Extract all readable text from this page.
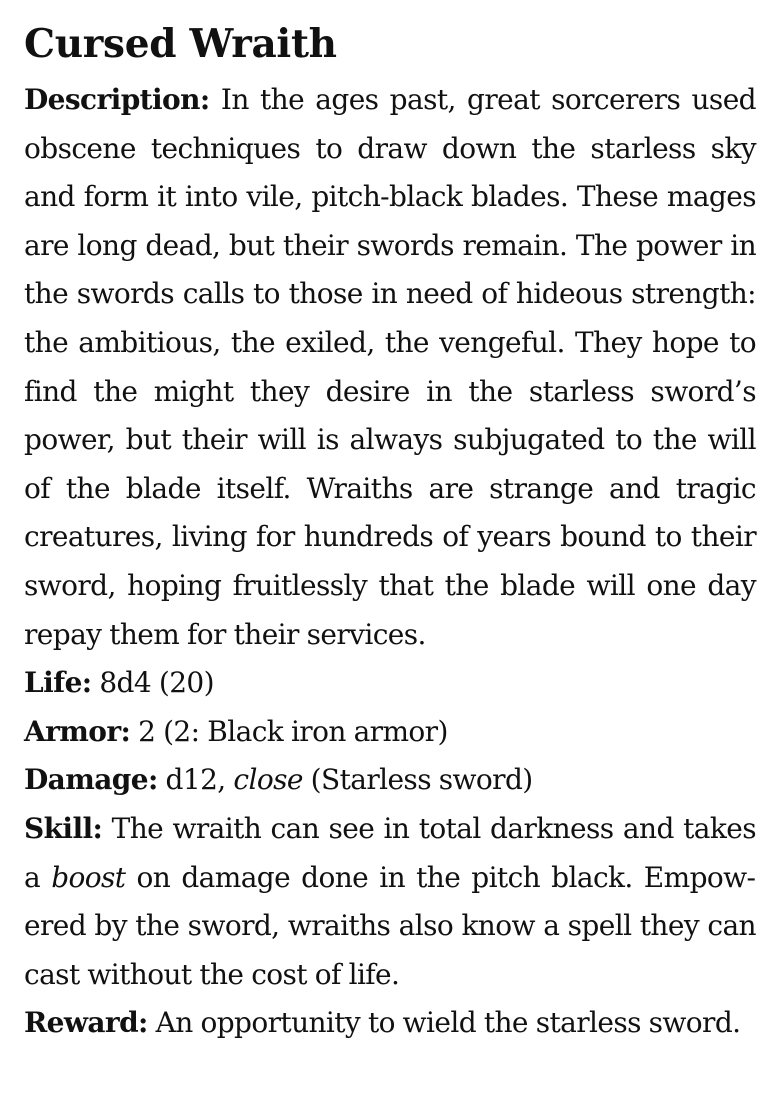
Cursed Wraith

Description: In the ages past, great sorcerers used obscene techniques to draw down the starless sky and form it into vile, pitch-black blades. These mages are long dead, but their swords remain. The power in the swords calls to those in need of hideous strength: the ambitious, the exiled, the vengeful. They hope to find the might they desire in the starless sword’s power, but their will is always subjugated to the will of the blade itself. Wraiths are strange and tragic creatures, living for hundreds of years bound to their sword, hoping fruitlessly that the blade will one day repay them for their services.

Life: 8d4 (20)

Armor: 2 (2: Black iron armor)

Damage: d12, close (Starless sword)

Skill: The wraith can see in total darkness and takes a boost on damage done in the pitch black. Empowered by the sword, wraiths also know a spell they can cast without the cost of life.

Reward: An opportunity to wield the starless sword.
